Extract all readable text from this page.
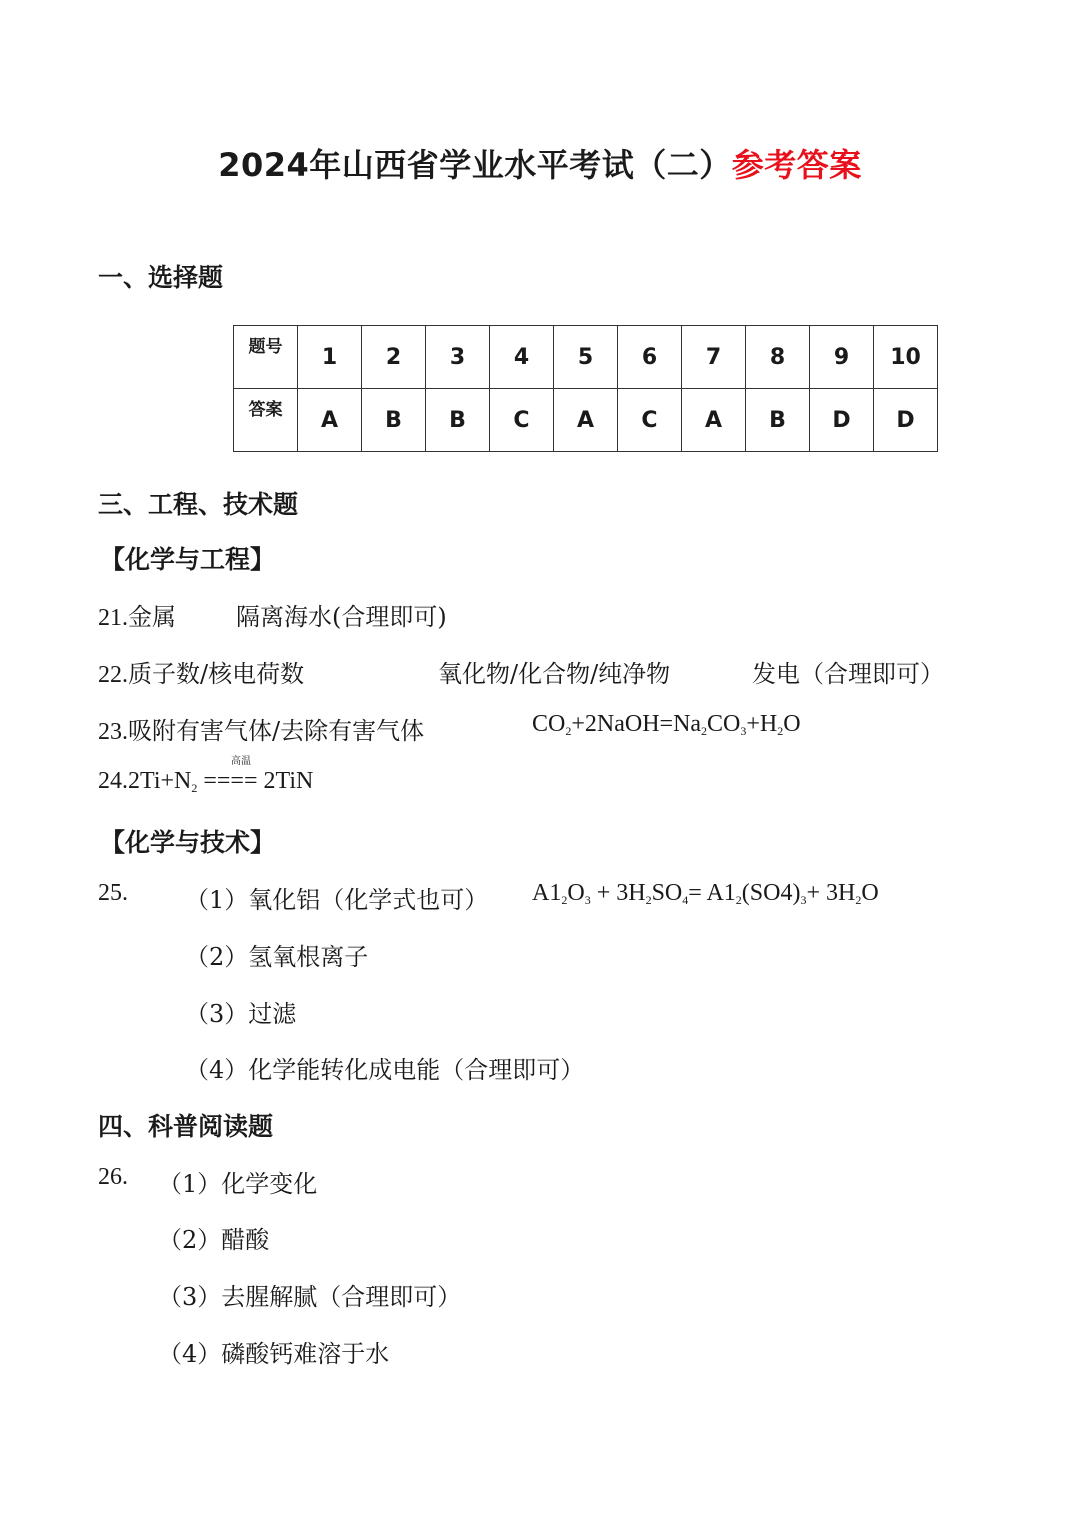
2024年山西省学业水平考试（二）参考答案
一、选择题
题号	1	2	3	4	5	6	7	8	9	10
答案	A	B	B	C	A	C	A	B	D	D
三、工程、技术题
【化学与工程】
21.金属	隔离海水(合理即可)
22.质子数/核电荷数	氧化物/化合物/纯净物	发电（合理即可）
23.吸附有害气体/去除有害气体	$CO_2+2NaOH=Na_2CO_3+H_2O$
高温
$24.2Ti+N_2$ ==== 2TiN
【化学与技术】
25. （1）氧化铝（化学式也可） $A1_2O_3 + 3H_2SO_4= A1_2(SO4)_3+ 3H_2O$
（2）氢氧根离子
（3）过滤
（4）化学能转化成电能（合理即可）
四、科普阅读题
26. （1）化学变化
（2）醋酸
（3）去腥解腻（合理即可）
（4）磷酸钙难溶于水
